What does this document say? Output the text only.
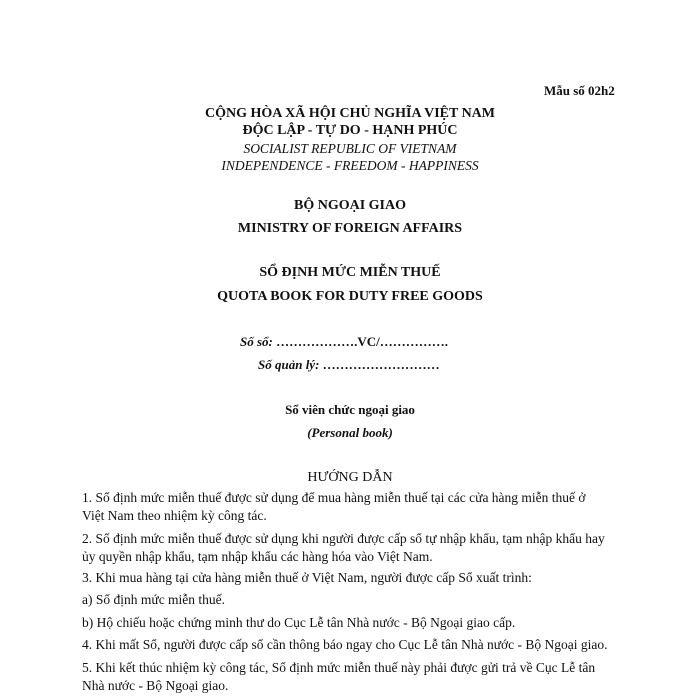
Mẫu số 02h2
CỘNG HÒA XÃ HỘI CHỦ NGHĨA VIỆT NAM
ĐỘC LẬP - TỰ DO - HẠNH PHÚC
SOCIALIST REPUBLIC OF VIETNAM
INDEPENDENCE - FREEDOM - HAPPINESS
BỘ NGOẠI GIAO
MINISTRY OF FOREIGN AFFAIRS
SỔ ĐỊNH MỨC MIỄN THUẾ
QUOTA BOOK FOR DUTY FREE GOODS
Số sổ: ……………….VC/…………….
Số quản lý: ………………………
Sổ viên chức ngoại giao
(Personal book)
HƯỚNG DẪN
1. Sổ định mức miễn thuế được sử dụng để mua hàng miễn thuế tại các cửa hàng miễn thuế ở
Việt Nam theo nhiệm kỳ công tác.
2. Sổ định mức miễn thuế được sử dụng khi người được cấp sổ tự nhập khẩu, tạm nhập khẩu hay
ủy quyền nhập khẩu, tạm nhập khẩu các hàng hóa vào Việt Nam.
3. Khi mua hàng tại cửa hàng miễn thuế ở Việt Nam, người được cấp Sổ xuất trình:
a) Sổ định mức miễn thuế.
b) Hộ chiếu hoặc chứng minh thư do Cục Lễ tân Nhà nước - Bộ Ngoại giao cấp.
4. Khi mất Sổ, người được cấp sổ cần thông báo ngay cho Cục Lễ tân Nhà nước - Bộ Ngoại giao.
5. Khi kết thúc nhiệm kỳ công tác, Sổ định mức miễn thuế này phải được gửi trả về Cục Lễ tân
Nhà nước - Bộ Ngoại giao.
